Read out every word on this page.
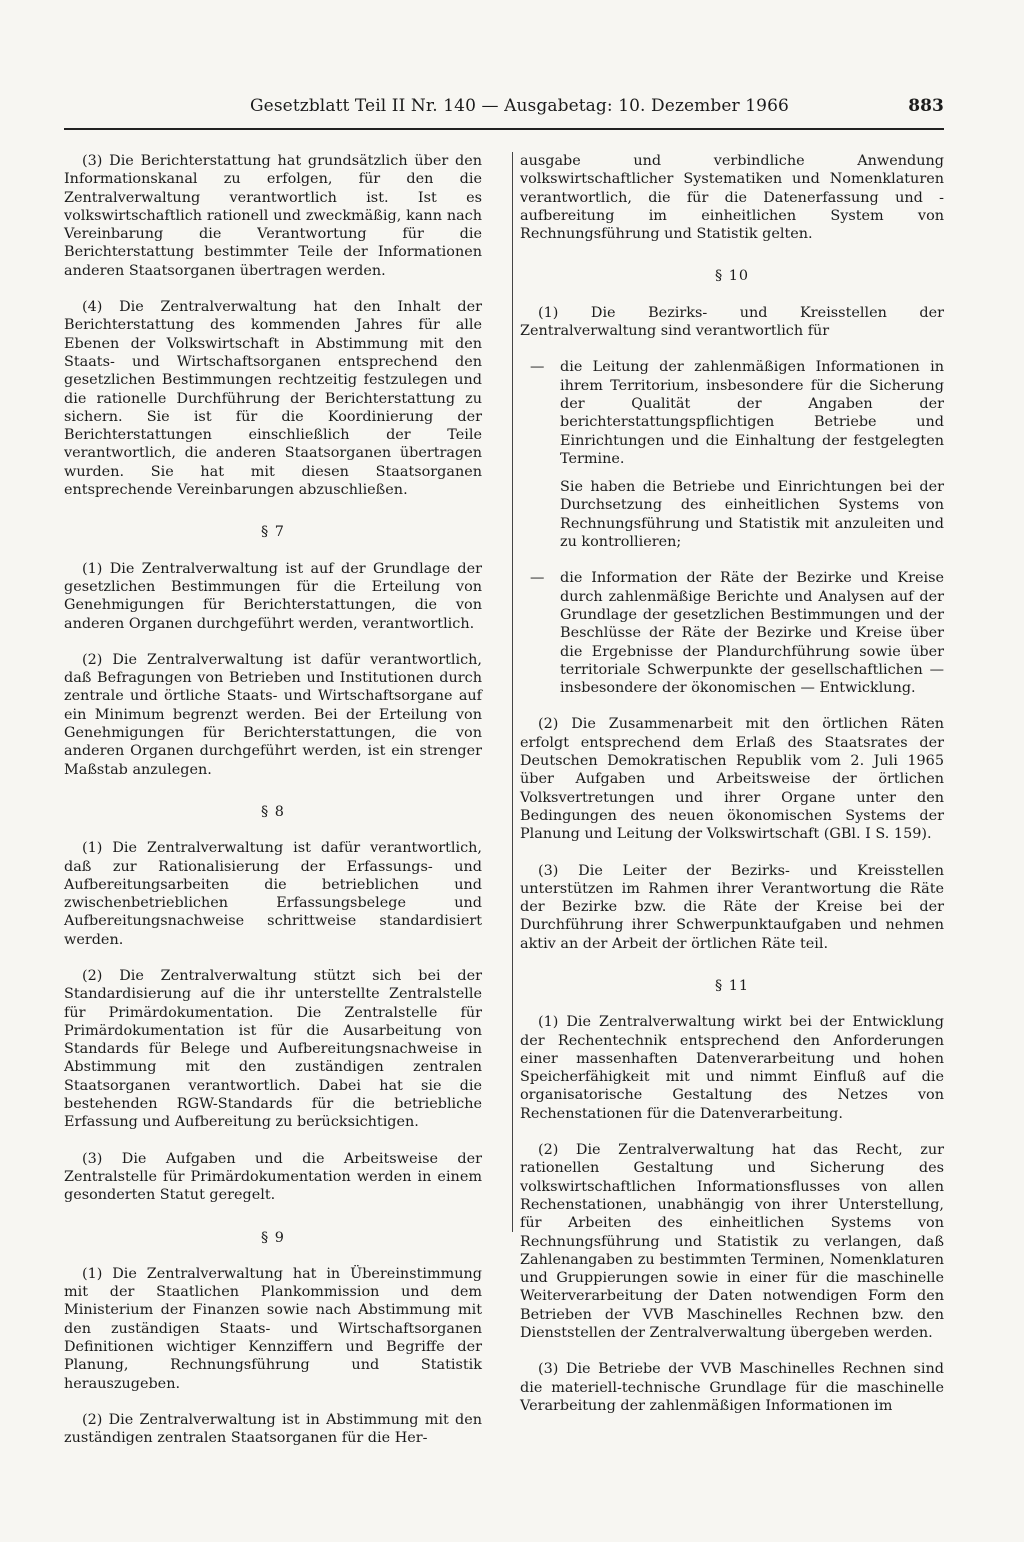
Gesetzblatt Teil II Nr. 140 — Ausgabetag: 10. Dezember 1966	883

(3) Die Berichterstattung hat grundsätzlich über den Informationskanal zu erfolgen, für den die Zentralverwaltung verantwortlich ist. Ist es volkswirtschaftlich rationell und zweckmäßig, kann nach Vereinbarung die Verantwortung für die Berichterstattung bestimmter Teile der Informationen anderen Staatsorganen übertragen werden.

(4) Die Zentralverwaltung hat den Inhalt der Berichterstattung des kommenden Jahres für alle Ebenen der Volkswirtschaft in Abstimmung mit den Staats- und Wirtschaftsorganen entsprechend den gesetzlichen Bestimmungen rechtzeitig festzulegen und die rationelle Durchführung der Berichterstattung zu sichern. Sie ist für die Koordinierung der Berichterstattungen einschließlich der Teile verantwortlich, die anderen Staatsorganen übertragen wurden. Sie hat mit diesen Staatsorganen entsprechende Vereinbarungen abzuschließen.

§ 7

(1) Die Zentralverwaltung ist auf der Grundlage der gesetzlichen Bestimmungen für die Erteilung von Genehmigungen für Berichterstattungen, die von anderen Organen durchgeführt werden, verantwortlich.

(2) Die Zentralverwaltung ist dafür verantwortlich, daß Befragungen von Betrieben und Institutionen durch zentrale und örtliche Staats- und Wirtschaftsorgane auf ein Minimum begrenzt werden. Bei der Erteilung von Genehmigungen für Berichterstattungen, die von anderen Organen durchgeführt werden, ist ein strenger Maßstab anzulegen.

§ 8

(1) Die Zentralverwaltung ist dafür verantwortlich, daß zur Rationalisierung der Erfassungs- und Aufbereitungsarbeiten die betrieblichen und zwischenbetrieblichen Erfassungsbelege und Aufbereitungsnachweise schrittweise standardisiert werden.

(2) Die Zentralverwaltung stützt sich bei der Standardisierung auf die ihr unterstellte Zentralstelle für Primärdokumentation. Die Zentralstelle für Primärdokumentation ist für die Ausarbeitung von Standards für Belege und Aufbereitungsnachweise in Abstimmung mit den zuständigen zentralen Staatsorganen verantwortlich. Dabei hat sie die bestehenden RGW-Standards für die betriebliche Erfassung und Aufbereitung zu berücksichtigen.

(3) Die Aufgaben und die Arbeitsweise der Zentralstelle für Primärdokumentation werden in einem gesonderten Statut geregelt.

§ 9

(1) Die Zentralverwaltung hat in Übereinstimmung mit der Staatlichen Plankommission und dem Ministerium der Finanzen sowie nach Abstimmung mit den zuständigen Staats- und Wirtschaftsorganen Definitionen wichtiger Kennziffern und Begriffe der Planung, Rechnungsführung und Statistik herauszugeben.

(2) Die Zentralverwaltung ist in Abstimmung mit den zuständigen zentralen Staatsorganen für die Her-

ausgabe und verbindliche Anwendung volkswirtschaftlicher Systematiken und Nomenklaturen verantwortlich, die für die Datenerfassung und -aufbereitung im einheitlichen System von Rechnungsführung und Statistik gelten.

§ 10

(1) Die Bezirks- und Kreisstellen der Zentralverwaltung sind verantwortlich für

— die Leitung der zahlenmäßigen Informationen in ihrem Territorium, insbesondere für die Sicherung der Qualität der Angaben der berichterstattungspflichtigen Betriebe und Einrichtungen und die Einhaltung der festgelegten Termine.
Sie haben die Betriebe und Einrichtungen bei der Durchsetzung des einheitlichen Systems von Rechnungsführung und Statistik mit anzuleiten und zu kontrollieren;
— die Information der Räte der Bezirke und Kreise durch zahlenmäßige Berichte und Analysen auf der Grundlage der gesetzlichen Bestimmungen und der Beschlüsse der Räte der Bezirke und Kreise über die Ergebnisse der Plandurchführung sowie über territoriale Schwerpunkte der gesellschaftlichen — insbesondere der ökonomischen — Entwicklung.

(2) Die Zusammenarbeit mit den örtlichen Räten erfolgt entsprechend dem Erlaß des Staatsrates der Deutschen Demokratischen Republik vom 2. Juli 1965 über Aufgaben und Arbeitsweise der örtlichen Volksvertretungen und ihrer Organe unter den Bedingungen des neuen ökonomischen Systems der Planung und Leitung der Volkswirtschaft (GBl. I S. 159).

(3) Die Leiter der Bezirks- und Kreisstellen unterstützen im Rahmen ihrer Verantwortung die Räte der Bezirke bzw. die Räte der Kreise bei der Durchführung ihrer Schwerpunktaufgaben und nehmen aktiv an der Arbeit der örtlichen Räte teil.

§ 11

(1) Die Zentralverwaltung wirkt bei der Entwicklung der Rechentechnik entsprechend den Anforderungen einer massenhaften Datenverarbeitung und hohen Speicherfähigkeit mit und nimmt Einfluß auf die organisatorische Gestaltung des Netzes von Rechenstationen für die Datenverarbeitung.

(2) Die Zentralverwaltung hat das Recht, zur rationellen Gestaltung und Sicherung des volkswirtschaftlichen Informationsflusses von allen Rechenstationen, unabhängig von ihrer Unterstellung, für Arbeiten des einheitlichen Systems von Rechnungsführung und Statistik zu verlangen, daß Zahlenangaben zu bestimmten Terminen, Nomenklaturen und Gruppierungen sowie in einer für die maschinelle Weiterverarbeitung der Daten notwendigen Form den Betrieben der VVB Maschinelles Rechnen bzw. den Dienststellen der Zentralverwaltung übergeben werden.

(3) Die Betriebe der VVB Maschinelles Rechnen sind die materiell-technische Grundlage für die maschinelle Verarbeitung der zahlenmäßigen Informationen im
